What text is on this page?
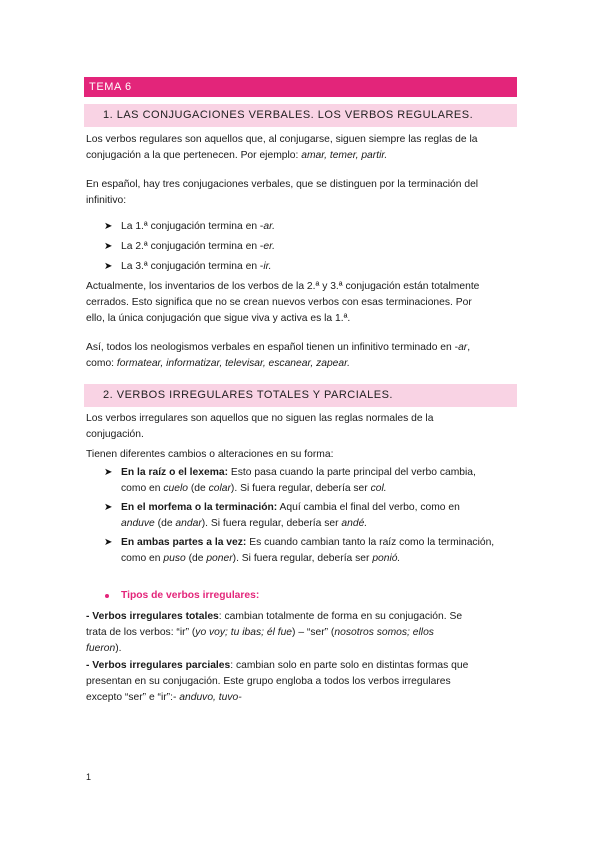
TEMA 6
1. LAS CONJUGACIONES VERBALES. LOS VERBOS REGULARES.

Los verbos regulares son aquellos que, al conjugarse, siguen siempre las reglas de la
conjugación a la que pertenecen. Por ejemplo: amar, temer, partir.

En español, hay tres conjugaciones verbales, que se distinguen por la terminación del
infinitivo:

➤ La 1.ª conjugación termina en -ar.
➤ La 2.ª conjugación termina en -er.
➤ La 3.ª conjugación termina en -ir.

Actualmente, los inventarios de los verbos de la 2.ª y 3.ª conjugación están totalmente
cerrados. Esto significa que no se crean nuevos verbos con esas terminaciones. Por
ello, la única conjugación que sigue viva y activa es la 1.ª.

Así, todos los neologismos verbales en español tienen un infinitivo terminado en -ar,
como: formatear, informatizar, televisar, escanear, zapear.

2. VERBOS IRREGULARES TOTALES Y PARCIALES.

Los verbos irregulares son aquellos que no siguen las reglas normales de la
conjugación.

Tienen diferentes cambios o alteraciones en su forma:

➤ En la raíz o el lexema: Esto pasa cuando la parte principal del verbo cambia,
como en cuelo (de colar). Si fuera regular, debería ser col.
➤ En el morfema o la terminación: Aquí cambia el final del verbo, como en
anduve (de andar). Si fuera regular, debería ser andé.
➤ En ambas partes a la vez: Es cuando cambian tanto la raíz como la terminación,
como en puso (de poner). Si fuera regular, debería ser ponió.
Tipos de verbos irregulares:

- Verbos irregulares totales: cambian totalmente de forma en su conjugación. Se
trata de los verbos: “ir” (yo voy; tu ibas; él fue) – “ser” (nosotros somos; ellos
fueron).

- Verbos irregulares parciales: cambian solo en parte solo en distintas formas que
presentan en su conjugación. Este grupo engloba a todos los verbos irregulares
excepto “ser” e “ir”:- anduvo, tuvo-

1
